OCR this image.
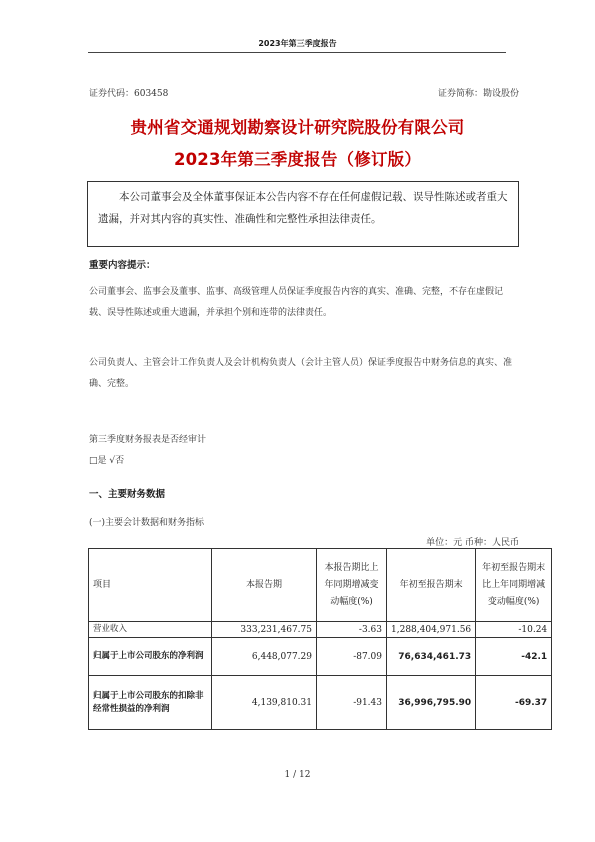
2023年第三季度报告
证券代码：603458	证券简称：勘设股份
贵州省交通规划勘察设计研究院股份有限公司
2023年第三季度报告（修订版）

本公司董事会及全体董事保证本公告内容不存在任何虚假记载、误导性陈述或者重大遗漏，并对其内容的真实性、准确性和完整性承担法律责任。

重要内容提示：

公司董事会、监事会及董事、监事、高级管理人员保证季度报告内容的真实、准确、完整，不存在虚假记载、误导性陈述或重大遗漏，并承担个别和连带的法律责任。

公司负责人、主管会计工作负责人及会计机构负责人（会计主管人员）保证季度报告中财务信息的真实、准确、完整。

第三季度财务报表是否经审计
□是 √否
一、主要财务数据
(一)主要会计数据和财务指标
单位：元 币种：人民币
项目	本报告期	本报告期比上年同期增减变动幅度(%)	年初至报告期末	年初至报告期末比上年同期增减变动幅度(%)
营业收入	333,231,467.75	-3.63	1,288,404,971.56	-10.24
归属于上市公司股东的净利润	6,448,077.29	-87.09	76,634,461.73	-42.1
归属于上市公司股东的扣除非经常性损益的净利润	4,139,810.31	-91.43	36,996,795.90	-69.37
1 / 12
